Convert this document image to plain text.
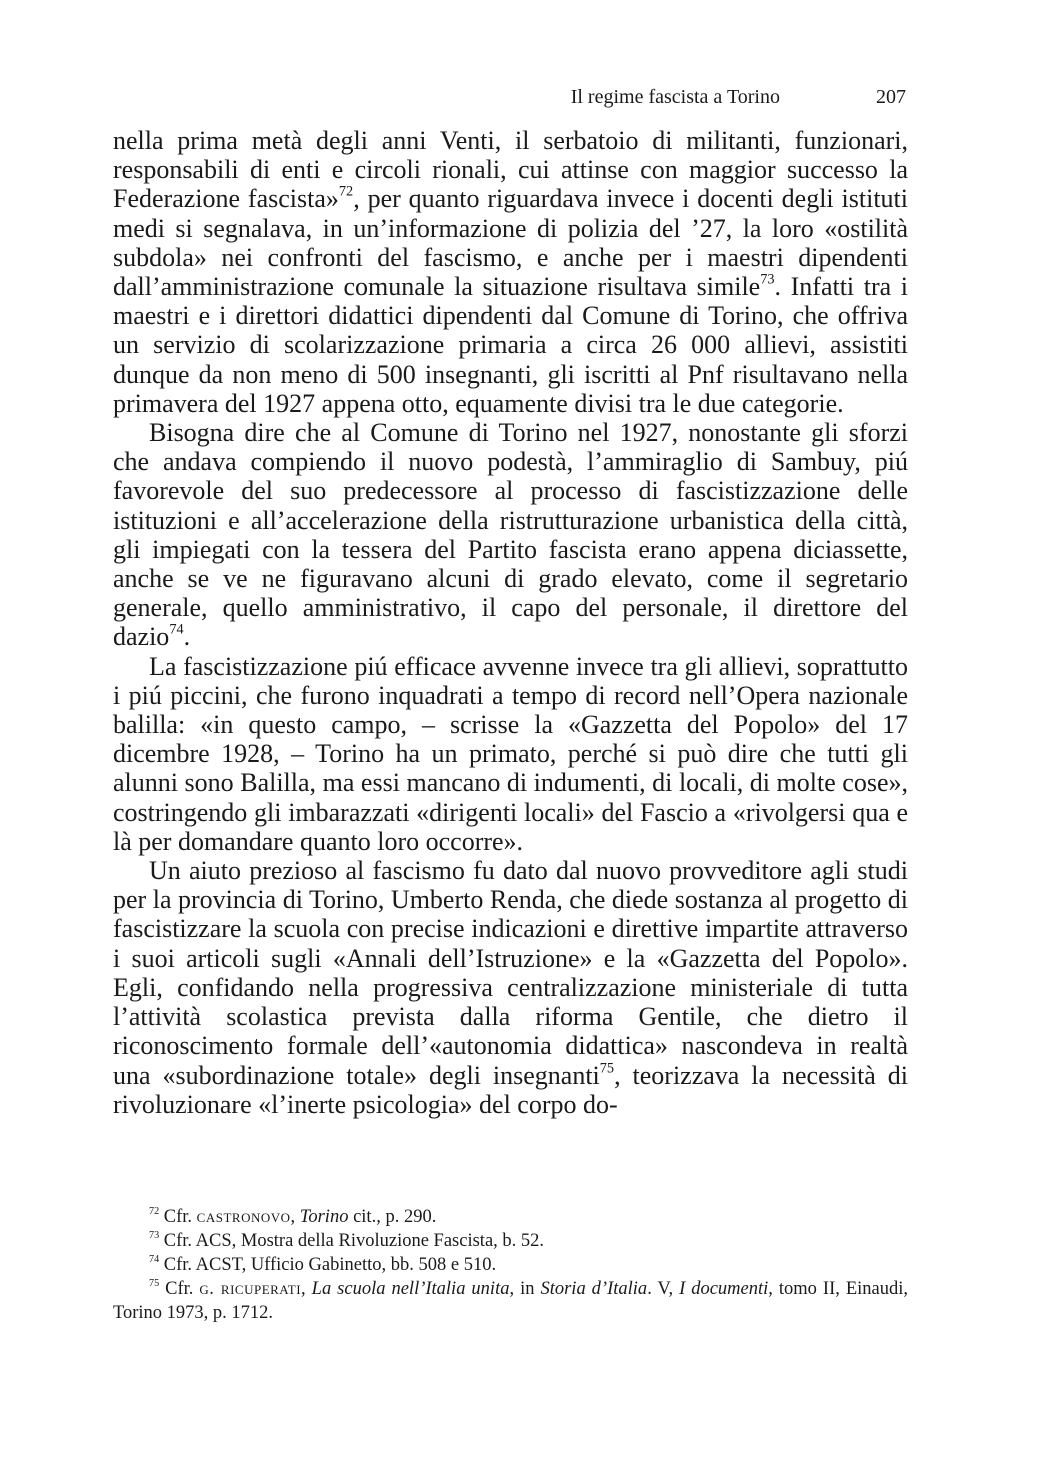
Il regime fascista a Torino	207

nella prima metà degli anni Venti, il serbatoio di militanti, funzionari, responsabili di enti e circoli rionali, cui attinse con maggior successo la Federazione fascista»$^{72}$, per quanto riguardava invece i docenti degli istituti medi si segnalava, in un’informazione di polizia del ’27, la loro «ostilità subdola» nei confronti del fascismo, e anche per i maestri dipendenti dall’amministrazione comunale la situazione risultava simile$^{73}$. Infatti tra i maestri e i direttori didattici dipendenti dal Comune di Torino, che offriva un servizio di scolarizzazione primaria a circa 26 000 allievi, assistiti dunque da non meno di 500 insegnanti, gli iscritti al Pnf risultavano nella primavera del 1927 appena otto, equamente divisi tra le due categorie.

Bisogna dire che al Comune di Torino nel 1927, nonostante gli sforzi che andava compiendo il nuovo podestà, l’ammiraglio di Sambuy, piú favorevole del suo predecessore al processo di fascistizzazione delle istituzioni e all’accelerazione della ristrutturazione urbanistica della città, gli impiegati con la tessera del Partito fascista erano appena diciassette, anche se ve ne figuravano alcuni di grado elevato, come il segretario generale, quello amministrativo, il capo del personale, il direttore del dazio$^{74}$.

La fascistizzazione piú efficace avvenne invece tra gli allievi, soprattutto i piú piccini, che furono inquadrati a tempo di record nell’Opera nazionale balilla: «in questo campo, – scrisse la «Gazzetta del Popolo» del 17 dicembre 1928, – Torino ha un primato, perché si può dire che tutti gli alunni sono Balilla, ma essi mancano di indumenti, di locali, di molte cose», costringendo gli imbarazzati «dirigenti locali» del Fascio a «rivolgersi qua e là per domandare quanto loro occorre».

Un aiuto prezioso al fascismo fu dato dal nuovo provveditore agli studi per la provincia di Torino, Umberto Renda, che diede sostanza al progetto di fascistizzare la scuola con precise indicazioni e direttive impartite attraverso i suoi articoli sugli «Annali dell’Istruzione» e la «Gazzetta del Popolo». Egli, confidando nella progressiva centralizzazione ministeriale di tutta l’attività scolastica prevista dalla riforma Gentile, che dietro il riconoscimento formale dell’«autonomia didattica» nascondeva in realtà una «subordinazione totale» degli insegnanti$^{75}$, teorizzava la necessità di rivoluzionare «l’inerte psicologia» del corpo do-

$^{72}$ Cfr. castronovo, Torino cit., p. 290.

$^{73}$ Cfr. ACS, Mostra della Rivoluzione Fascista, b. 52.

$^{74}$ Cfr. ACST, Ufficio Gabinetto, bb. 508 e 510.

$^{75}$ Cfr. g. ricuperati, La scuola nell’Italia unita, in Storia d’Italia. V, I documenti, tomo II, Einaudi, Torino 1973, p. 1712.
